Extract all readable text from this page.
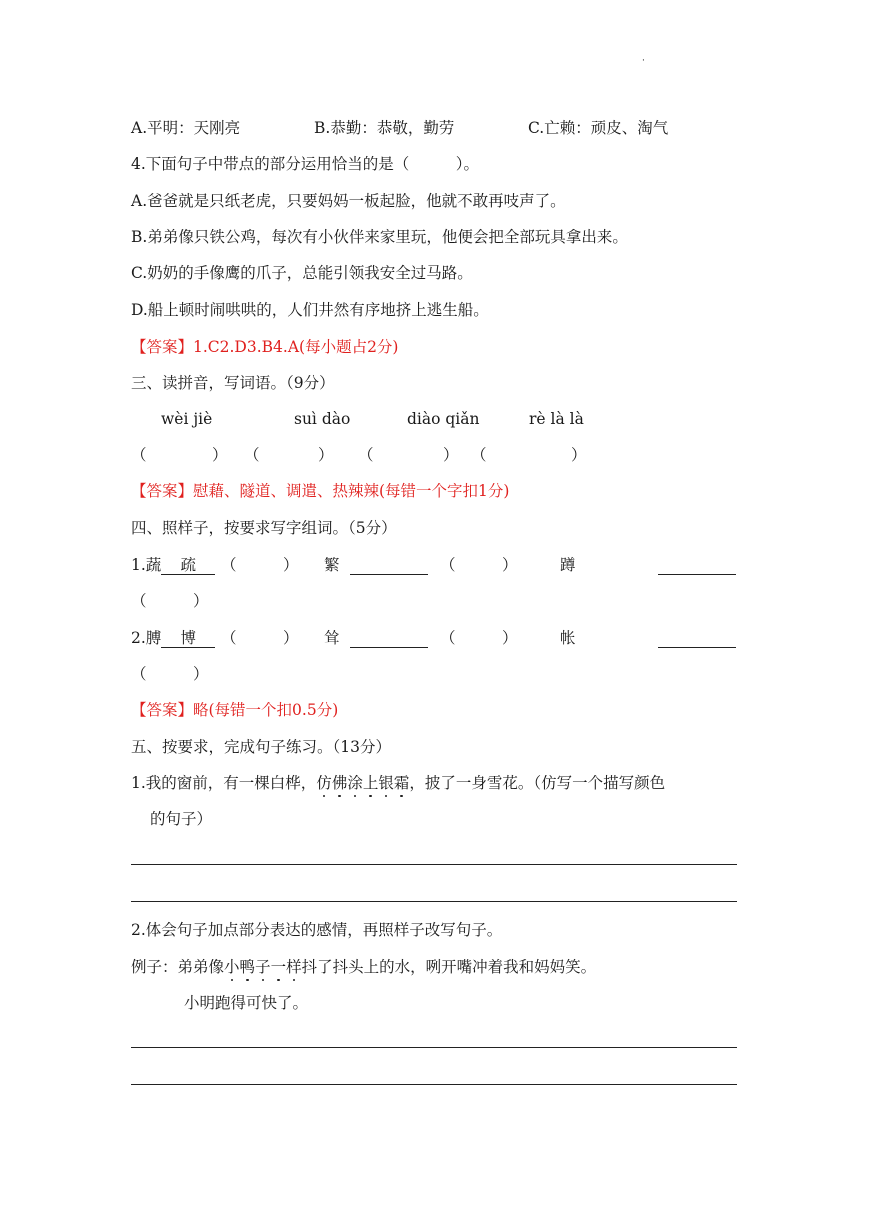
·
A.平明：天刚亮	B.恭勤：恭敬，勤劳	C.亡赖：顽皮、淘气
4.下面句子中带点的部分运用恰当的是（　　　）。
A.爸爸就是只纸老虎，只要妈妈一板起脸，他就不敢再吱声了。
B.弟弟像只铁公鸡，每次有小伙伴来家里玩，他便会把全部玩具拿出来。
C.奶奶的手像鹰的爪子，总能引领我安全过马路。
D.船上顿时闹哄哄的，人们井然有序地挤上逃生船。
【答案】1.C2.D3.B4.A(每小题占2分)
三、读拼音，写词语。（9分）
wèi jiè	suì dào	diào qiǎn	rè là là
（	） （	） （	） （	）
【答案】慰藉、隧道、调遣、热辣辣(每错一个字扣1分)
四、照样子，按要求写字组词。（5分）
1.蔬 疏	（　　　） 繁	（　　　）	蹲
（　　　）
2.膊 博	（　　　） 耸	（　　　）	帐
（　　　）
【答案】略(每错一个扣0.5分)
五、按要求，完成句子练习。（13分）
1.我的窗前，有一棵白桦，仿佛涂上银霜，披了一身雪花。（仿写一个描写颜色
的句子）
2.体会句子加点部分表达的感情，再照样子改写句子。
例子：弟弟像小鸭子一样抖了抖头上的水，咧开嘴冲着我和妈妈笑。
小明跑得可快了。
